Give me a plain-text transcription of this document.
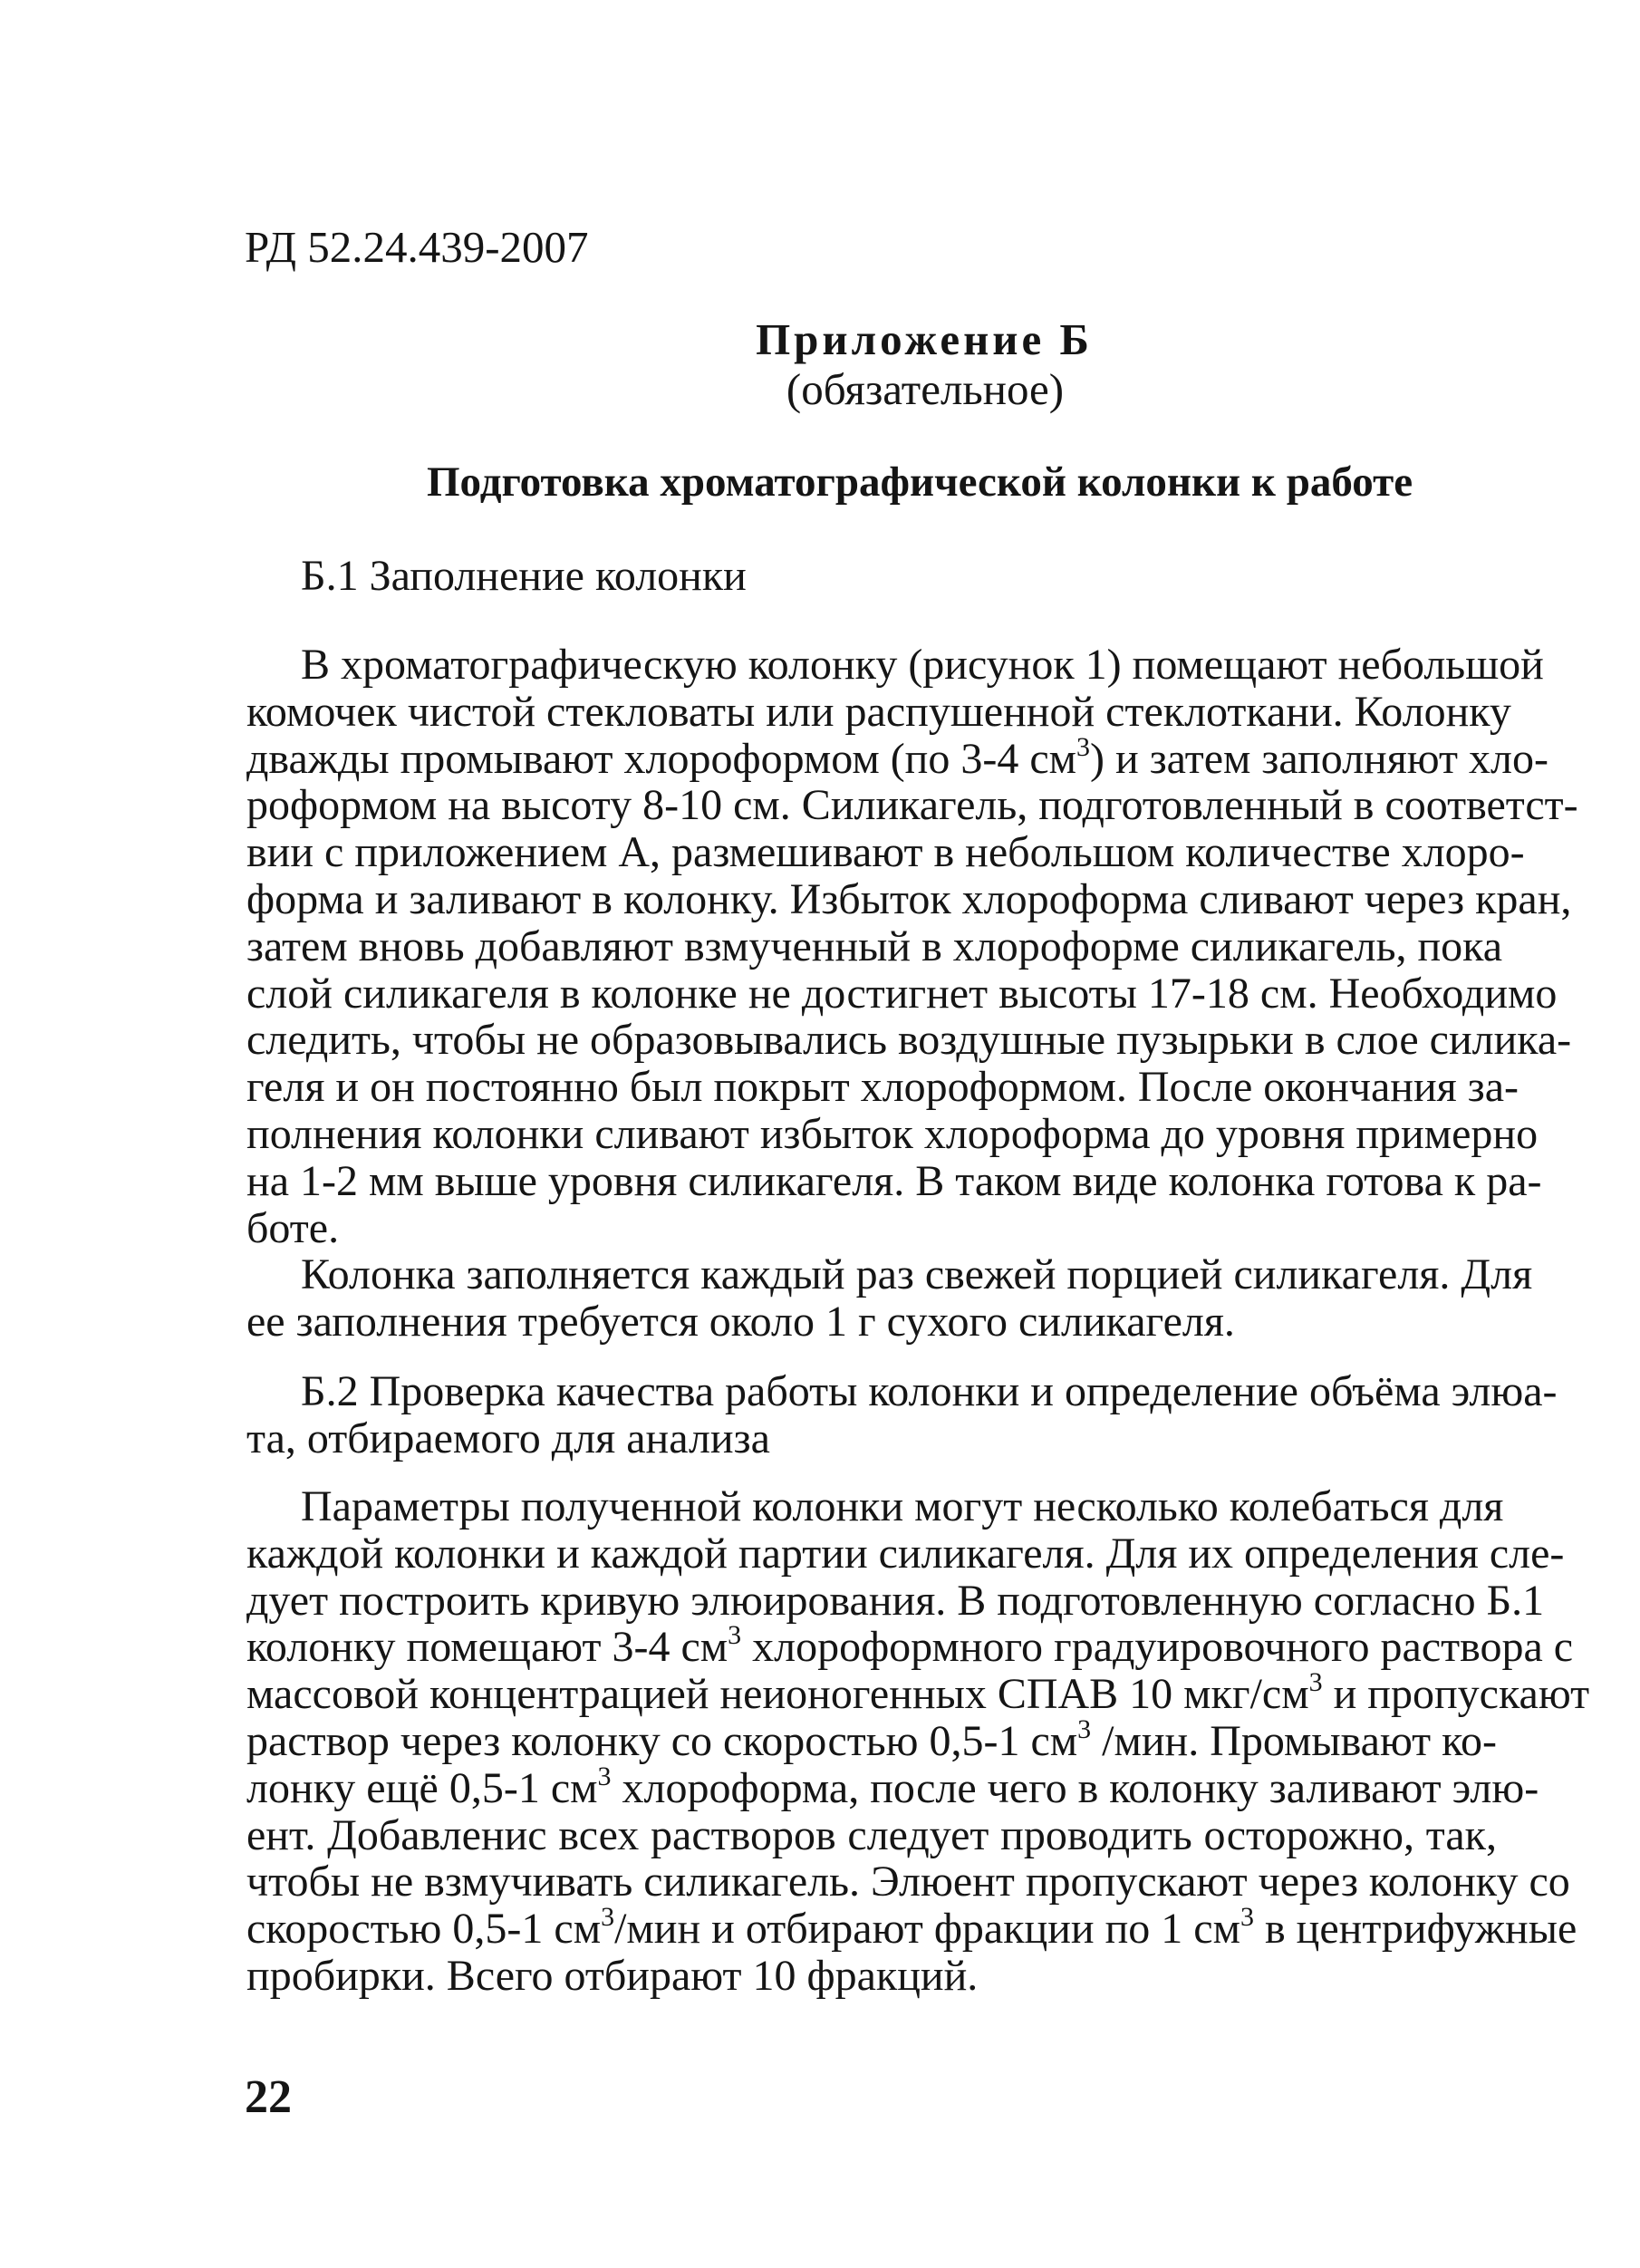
РД 52.24.439-2007
Приложение Б
(обязательное)
Подготовка хроматографической колонки к работе
Б.1 Заполнение колонки
В хроматографическую колонку (рисунок 1) помещают небольшой
комочек чистой стекловаты или распушенной стеклоткани. Колонку
дважды промывают хлороформом (по 3-4 $см^3$) и затем заполняют хло-
роформом на высоту 8-10 см. Силикагель, подготовленный в соответст-
вии с приложением А, размешивают в небольшом количестве хлоро-
форма и заливают в колонку. Избыток хлороформа сливают через кран,
затем вновь добавляют взмученный в хлороформе силикагель, пока
слой силикагеля в колонке не достигнет высоты 17-18 см. Необходимо
следить, чтобы не образовывались воздушные пузырьки в слое силика-
геля и он постоянно был покрыт хлороформом. После окончания за-
полнения колонки сливают избыток хлороформа до уровня примерно
на 1-2 мм выше уровня силикагеля. В таком виде колонка готова к ра-
боте.
Колонка заполняется каждый раз свежей порцией силикагеля. Для
ее заполнения требуется около 1 г сухого силикагеля.
Б.2 Проверка качества работы колонки и определение объёма элюа-
та, отбираемого для анализа
Параметры полученной колонки могут несколько колебаться для
каждой колонки и каждой партии силикагеля. Для их определения сле-
дует построить кривую элюирования. В подготовленную согласно Б.1
колонку помещают 3-4 $см^3$ хлороформного градуировочного раствора с
массовой концентрацией неионогенных СПАВ 10 мкг/$см^3$ и пропускают
раствор через колонку со скоростью 0,5-1 $см^3$ /мин. Промывают ко-
лонку ещё 0,5-1 $см^3$ хлороформа, после чего в колонку заливают элю-
ент. Добавленис всех растворов следует проводить осторожно, так,
чтобы не взмучивать силикагель. Элюент пропускают через колонку со
скоростью 0,5-1 $см^3$/мин и отбирают фракции по 1 $см^3$ в центрифужные
пробирки. Всего отбирают 10 фракций.
22
